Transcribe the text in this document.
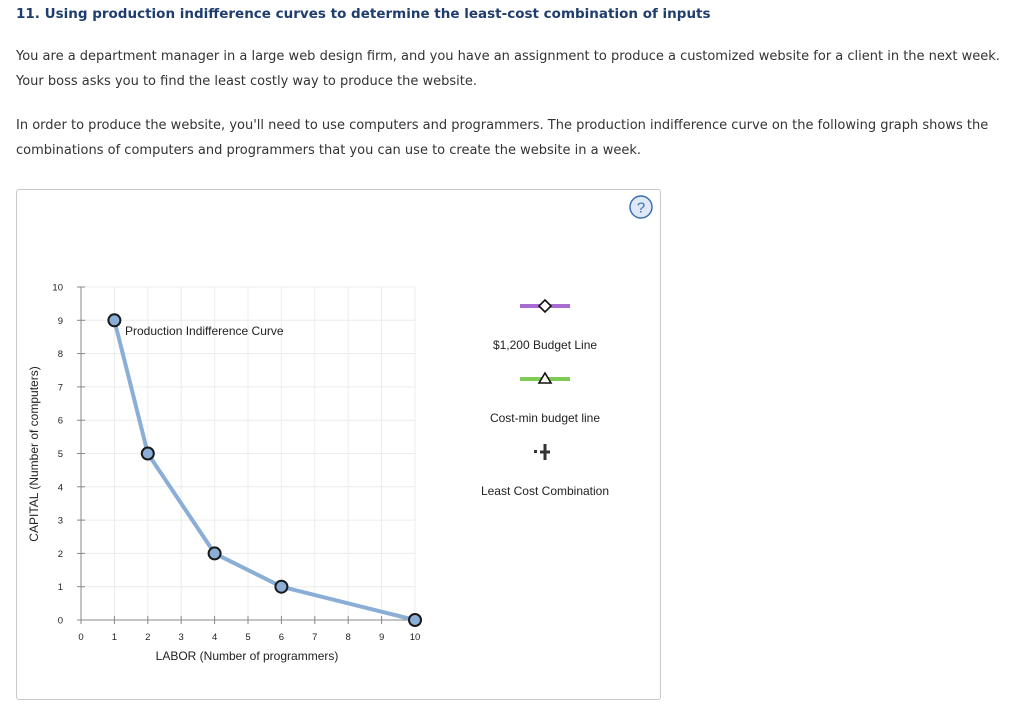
11. Using production indifference curves to determine the least-cost combination of inputs

You are a department manager in a large web design firm, and you have an assignment to produce a customized website for a client in the next week. Your boss asks you to find the least costly way to produce the website.

In order to produce the website, you'll need to use computers and programmers. The production indifference curve on the following graph shows the combinations of computers and programmers that you can use to create the website in a week.

0	1	2	3	4	5	6	7	8	9	10
0
1
2
3
4
5
6
7
8
9
10
$1,200 Budget Line
Cost-min budget line
Least Cost Combination
LABOR (Number of programmers)
CAPITAL (Number of computers)
Production Indifference Curve
?
